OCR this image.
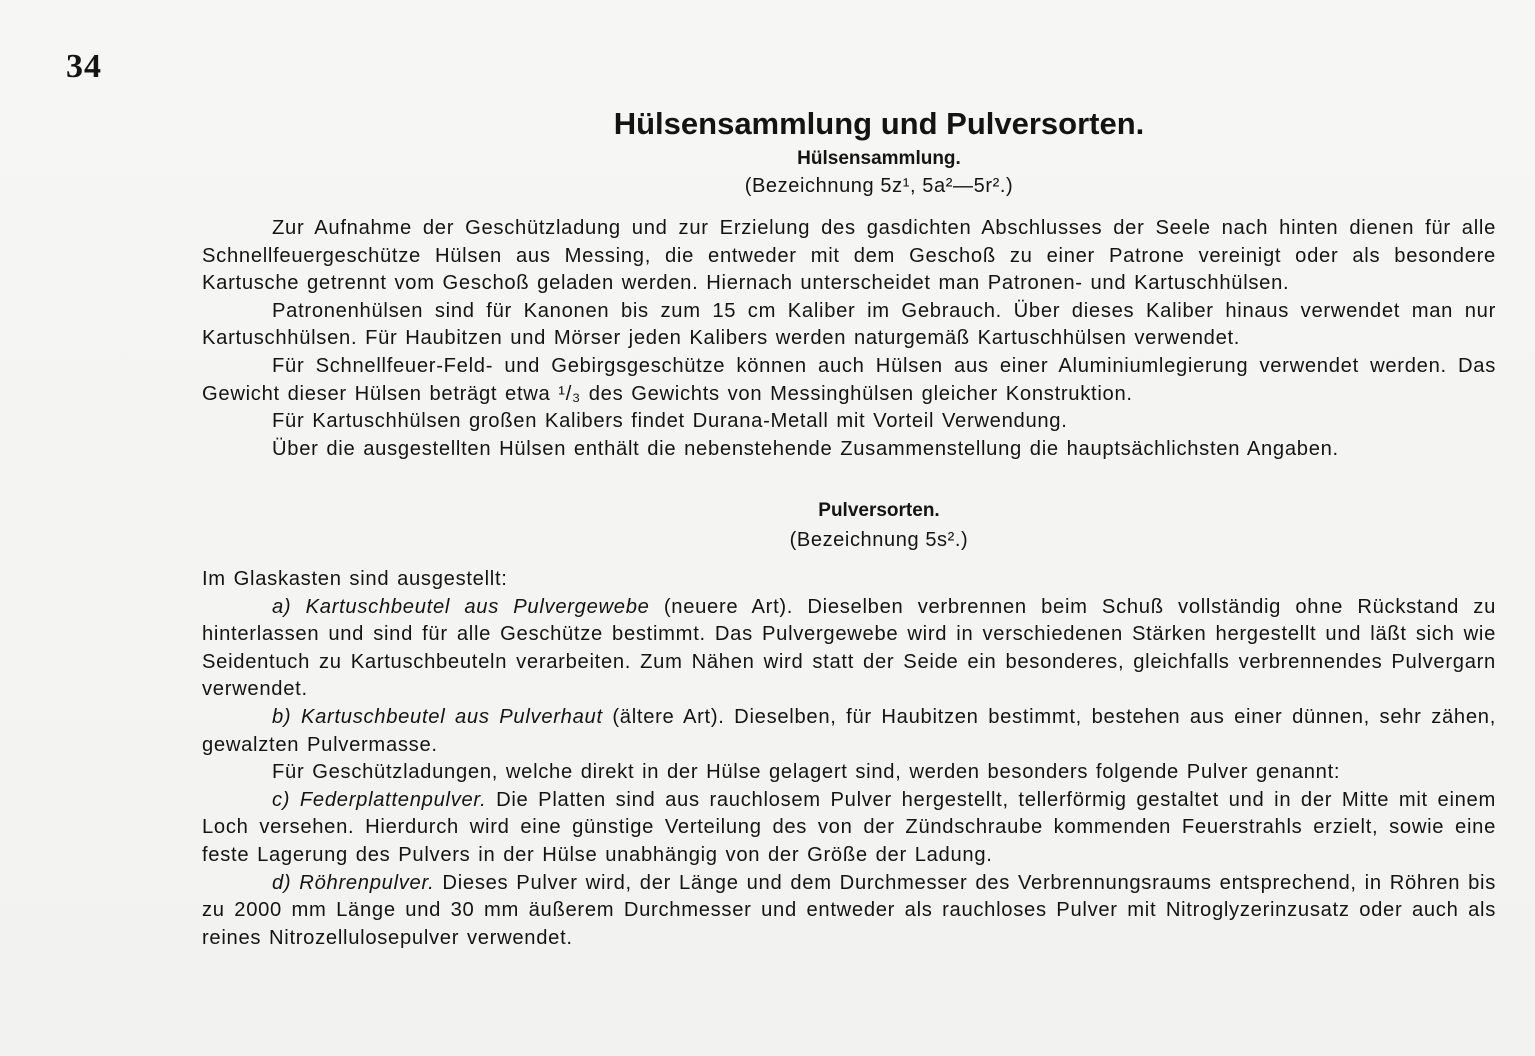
34
Hülsensammlung und Pulversorten.
Hülsensammlung.
(Bezeichnung 5z¹, 5a²—5r².)

Zur Aufnahme der Geschützladung und zur Erzielung des gasdichten Abschlusses der Seele nach hinten dienen für alle Schnellfeuergeschütze Hülsen aus Messing, die entweder mit dem Geschoß zu einer Patrone vereinigt oder als besondere Kartusche getrennt vom Geschoß geladen werden. Hiernach unterscheidet man Patronen- und Kartuschhülsen.

Patronenhülsen sind für Kanonen bis zum 15 cm Kaliber im Gebrauch. Über dieses Kaliber hinaus verwendet man nur Kartuschhülsen. Für Haubitzen und Mörser jeden Kalibers werden naturgemäß Kartuschhülsen verwendet.

Für Schnellfeuer-Feld- und Gebirgsgeschütze können auch Hülsen aus einer Aluminiumlegierung verwendet werden. Das Gewicht dieser Hülsen beträgt etwa ¹/₃ des Gewichts von Messinghülsen gleicher Konstruktion.

Für Kartuschhülsen großen Kalibers findet Durana-Metall mit Vorteil Verwendung.

Über die ausgestellten Hülsen enthält die nebenstehende Zusammenstellung die hauptsächlichsten Angaben.

Pulversorten.
(Bezeichnung 5s².)

Im Glaskasten sind ausgestellt:

a) Kartuschbeutel aus Pulvergewebe (neuere Art). Dieselben verbrennen beim Schuß vollständig ohne Rückstand zu hinterlassen und sind für alle Geschütze bestimmt. Das Pulvergewebe wird in verschiedenen Stärken hergestellt und läßt sich wie Seidentuch zu Kartuschbeuteln verarbeiten. Zum Nähen wird statt der Seide ein besonderes, gleichfalls verbrennendes Pulvergarn verwendet.

b) Kartuschbeutel aus Pulverhaut (ältere Art). Dieselben, für Haubitzen bestimmt, bestehen aus einer dünnen, sehr zähen, gewalzten Pulvermasse.

Für Geschützladungen, welche direkt in der Hülse gelagert sind, werden besonders folgende Pulver genannt:

c) Federplattenpulver. Die Platten sind aus rauchlosem Pulver hergestellt, tellerförmig gestaltet und in der Mitte mit einem Loch versehen. Hierdurch wird eine günstige Verteilung des von der Zündschraube kommenden Feuerstrahls erzielt, sowie eine feste Lagerung des Pulvers in der Hülse unabhängig von der Größe der Ladung.

d) Röhrenpulver. Dieses Pulver wird, der Länge und dem Durchmesser des Verbrennungsraums entsprechend, in Röhren bis zu 2000 mm Länge und 30 mm äußerem Durchmesser und entweder als rauchloses Pulver mit Nitroglyzerinzusatz oder auch als reines Nitrozellulosepulver verwendet.
